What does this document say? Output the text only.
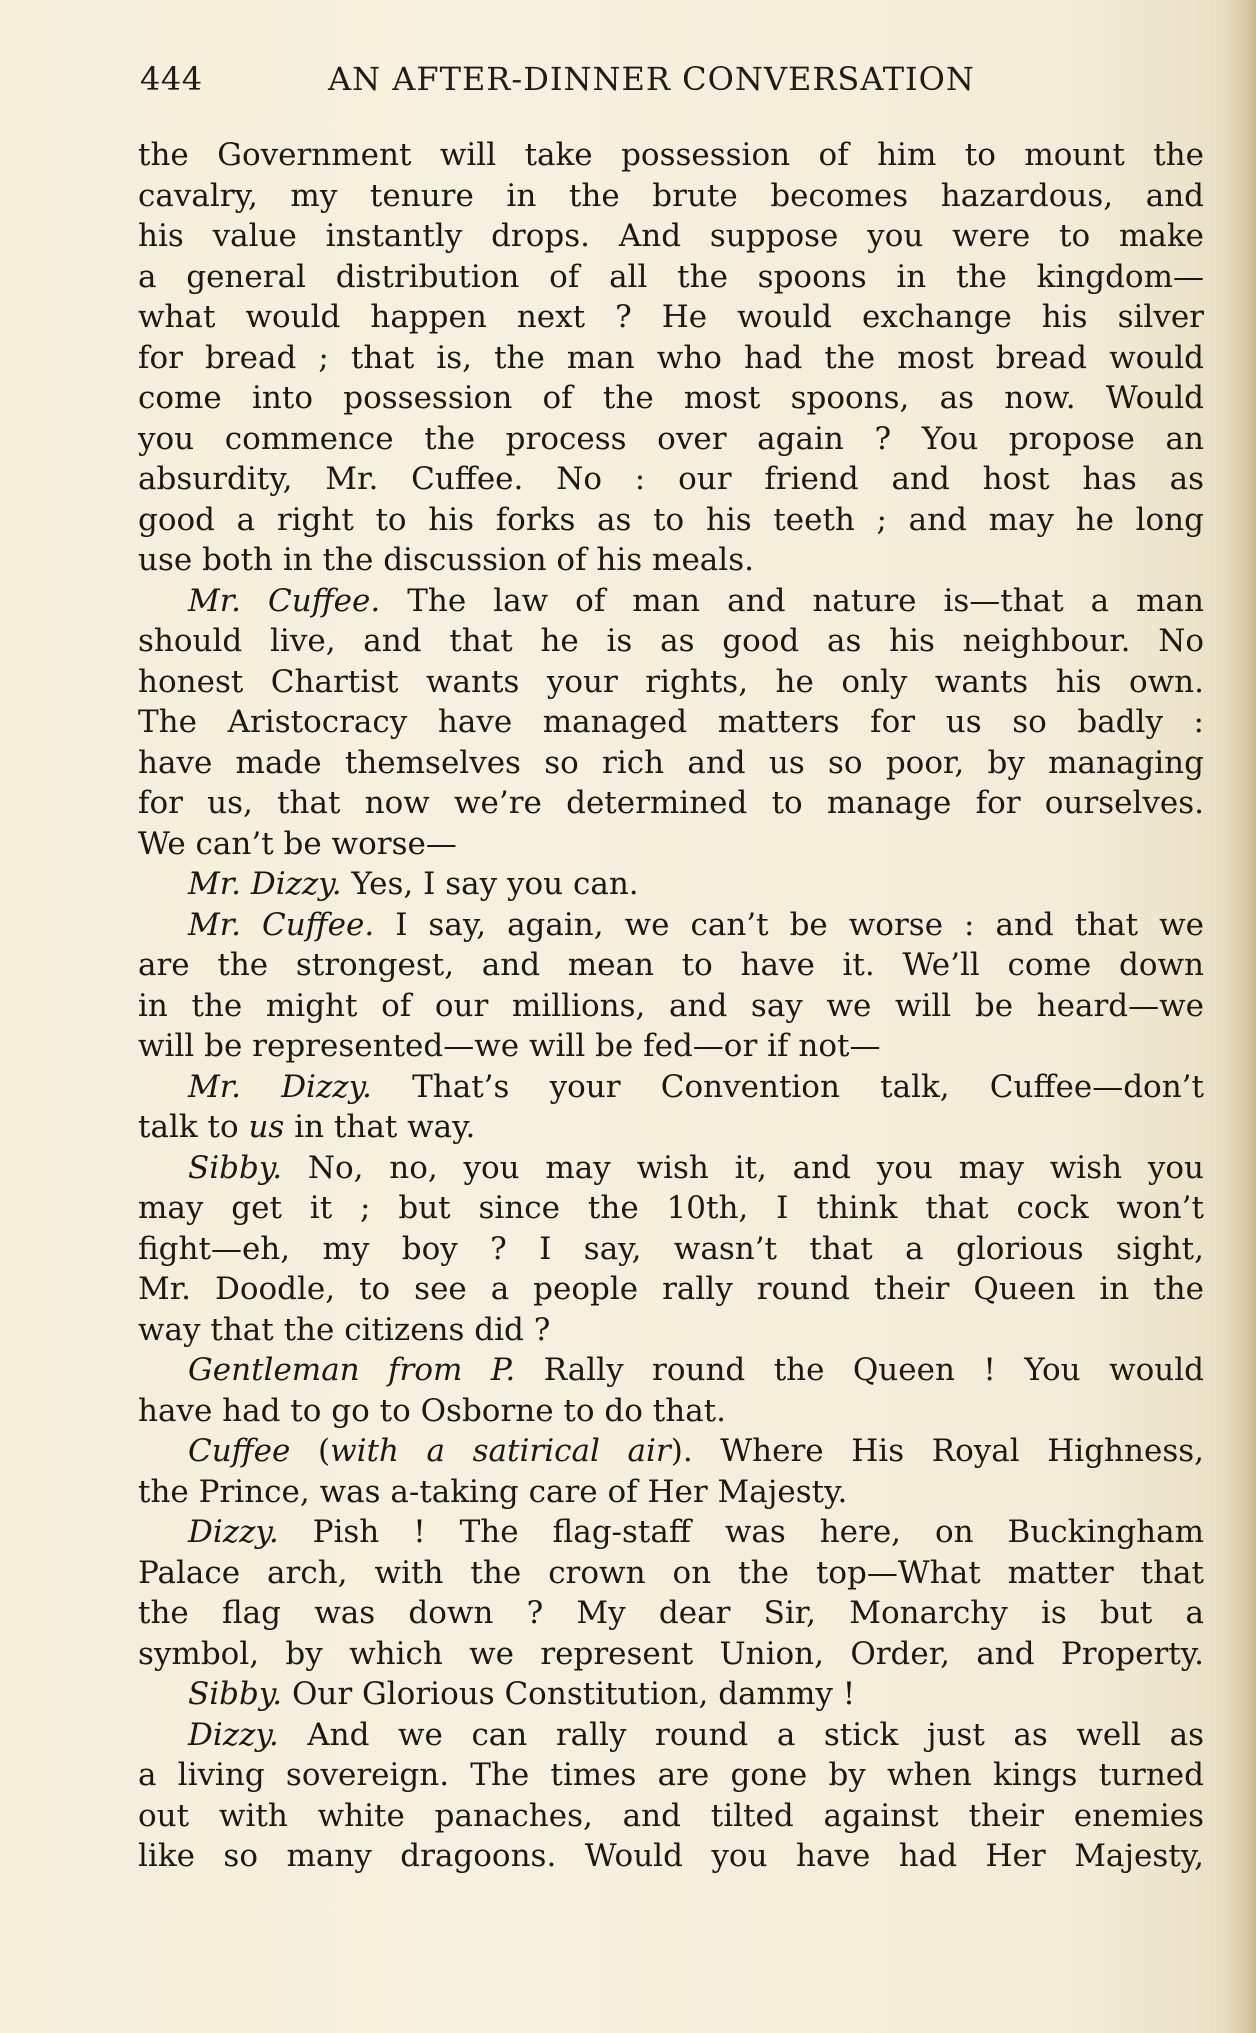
444	AN AFTER-DINNER CONVERSATION
the Government will take possession of him to mount the
cavalry, my tenure in the brute becomes hazardous, and
his value instantly drops. And suppose you were to make
a general distribution of all the spoons in the kingdom—
what would happen next ? He would exchange his silver
for bread ; that is, the man who had the most bread would
come into possession of the most spoons, as now. Would
you commence the process over again ? You propose an
absurdity, Mr. Cuffee. No : our friend and host has as
good a right to his forks as to his teeth ; and may he long
use both in the discussion of his meals.
Mr. Cuffee. The law of man and nature is—that a man
should live, and that he is as good as his neighbour. No
honest Chartist wants your rights, he only wants his own.
The Aristocracy have managed matters for us so badly :
have made themselves so rich and us so poor, by managing
for us, that now we’re determined to manage for ourselves.
We can’t be worse—
Mr. Dizzy. Yes, I say you can.
Mr. Cuffee. I say, again, we can’t be worse : and that we
are the strongest, and mean to have it. We’ll come down
in the might of our millions, and say we will be heard—we
will be represented—we will be fed—or if not—
Mr. Dizzy. That’s your Convention talk, Cuffee—don’t
talk to us in that way.
Sibby. No, no, you may wish it, and you may wish you
may get it ; but since the 10th, I think that cock won’t
fight—eh, my boy ? I say, wasn’t that a glorious sight,
Mr. Doodle, to see a people rally round their Queen in the
way that the citizens did ?
Gentleman from P. Rally round the Queen ! You would
have had to go to Osborne to do that.
Cuffee (with a satirical air). Where His Royal Highness,
the Prince, was a-taking care of Her Majesty.
Dizzy. Pish ! The flag-staff was here, on Buckingham
Palace arch, with the crown on the top—What matter that
the flag was down ? My dear Sir, Monarchy is but a
symbol, by which we represent Union, Order, and Property.
Sibby. Our Glorious Constitution, dammy !
Dizzy. And we can rally round a stick just as well as
a living sovereign. The times are gone by when kings turned
out with white panaches, and tilted against their enemies
like so many dragoons. Would you have had Her Majesty,
